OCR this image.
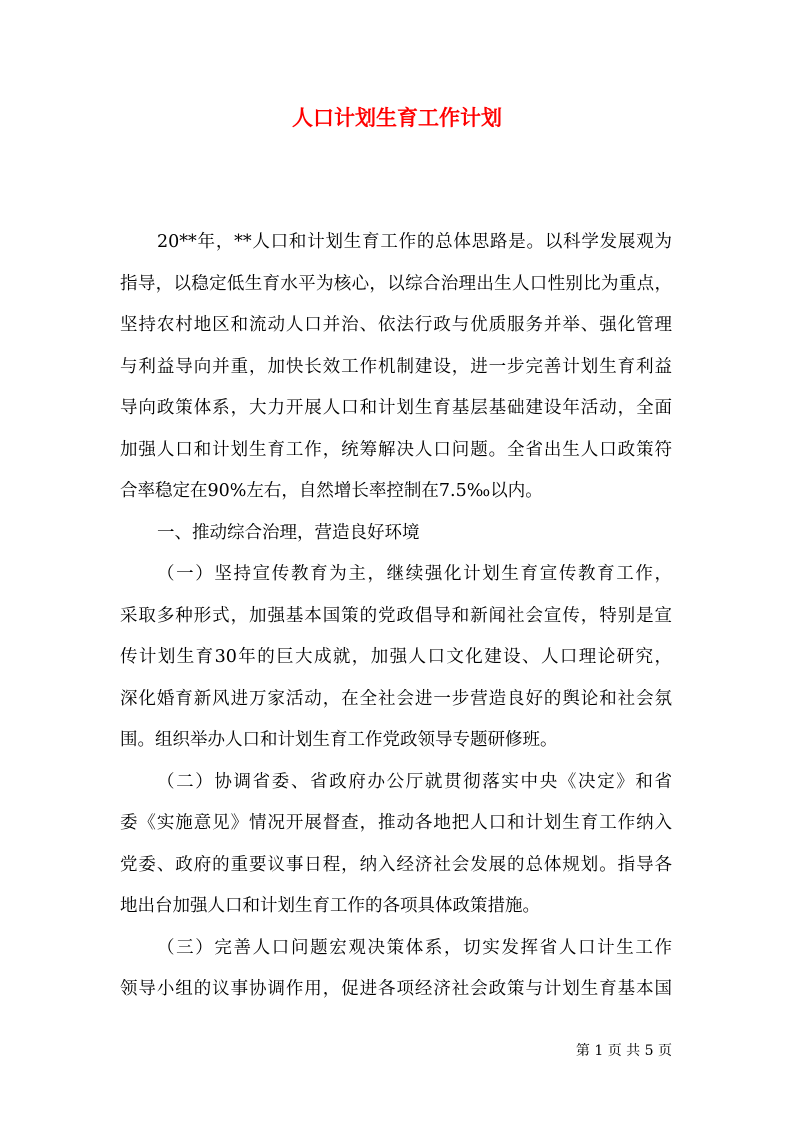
人口计划生育工作计划
20**年，**人口和计划生育工作的总体思路是。以科学发展观为
指导，以稳定低生育水平为核心，以综合治理出生人口性别比为重点，
坚持农村地区和流动人口并治、依法行政与优质服务并举、强化管理
与利益导向并重，加快长效工作机制建设，进一步完善计划生育利益
导向政策体系，大力开展人口和计划生育基层基础建设年活动，全面
加强人口和计划生育工作，统筹解决人口问题。全省出生人口政策符
合率稳定在90%左右，自然增长率控制在7.5‰以内。
一、推动综合治理，营造良好环境
（一）坚持宣传教育为主，继续强化计划生育宣传教育工作，
采取多种形式，加强基本国策的党政倡导和新闻社会宣传，特别是宣
传计划生育30年的巨大成就，加强人口文化建设、人口理论研究，
深化婚育新风进万家活动，在全社会进一步营造良好的舆论和社会氛
围。组织举办人口和计划生育工作党政领导专题研修班。
（二）协调省委、省政府办公厅就贯彻落实中央《决定》和省
委《实施意见》情况开展督查，推动各地把人口和计划生育工作纳入
党委、政府的重要议事日程，纳入经济社会发展的总体规划。指导各
地出台加强人口和计划生育工作的各项具体政策措施。
（三）完善人口问题宏观决策体系，切实发挥省人口计生工作
领导小组的议事协调作用，促进各项经济社会政策与计划生育基本国
第 1 页 共 5 页
